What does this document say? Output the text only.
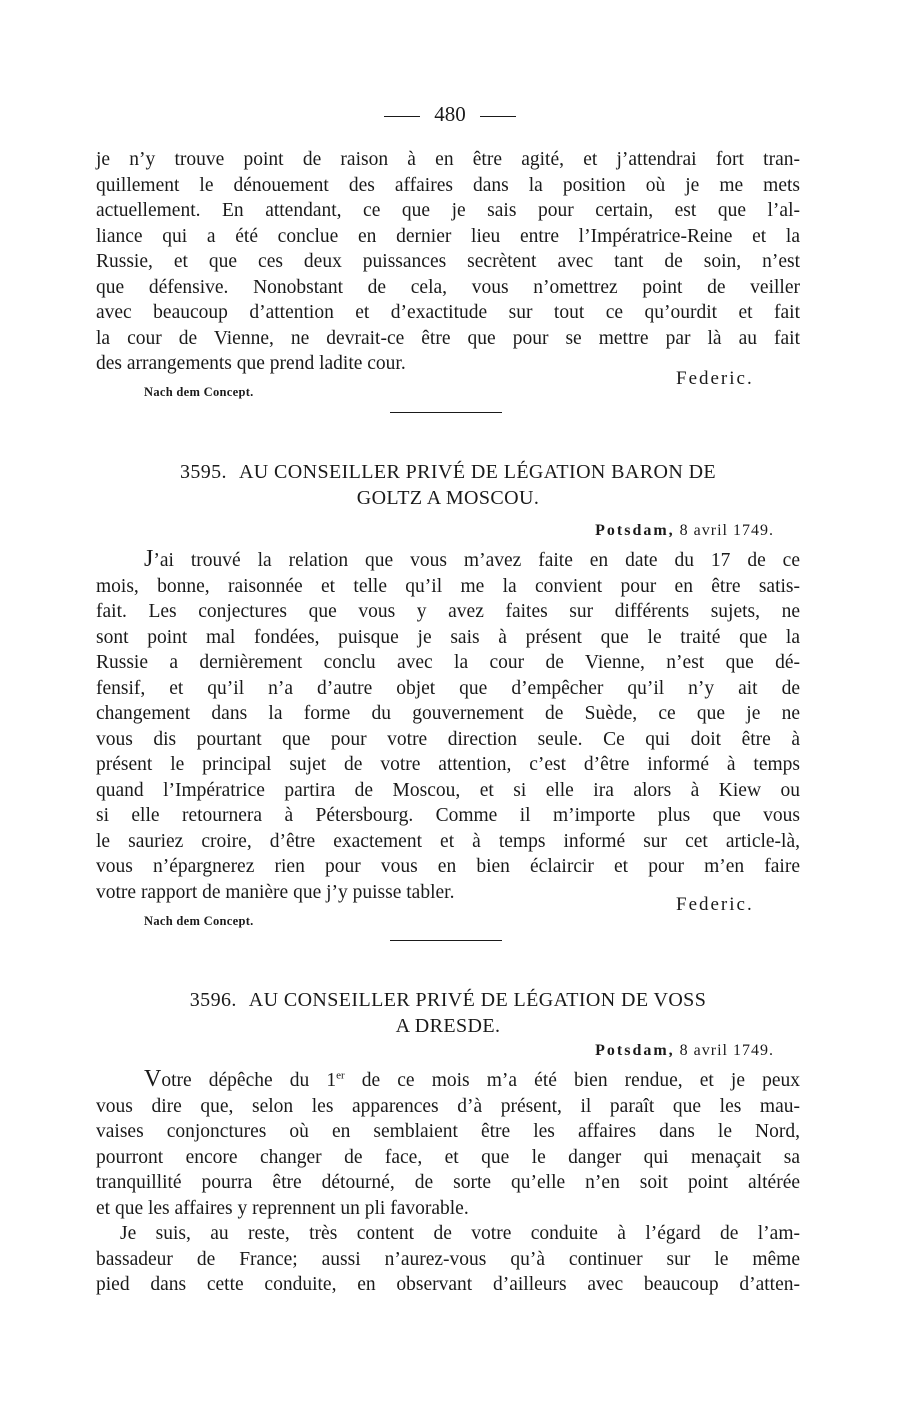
480

je n’y trouve point de raison à en être agité, et j’attendrai fort tran-
quillement le dénouement des affaires dans la position où je me mets
actuellement. En attendant, ce que je sais pour certain, est que l’al-
liance qui a été conclue en dernier lieu entre l’Impératrice-Reine et la
Russie, et que ces deux puissances secrètent avec tant de soin, n’est
que défensive. Nonobstant de cela, vous n’omettrez point de veiller
avec beaucoup d’attention et d’exactitude sur tout ce qu’ourdit et fait
la cour de Vienne, ne devrait-ce être que pour se mettre par là au fait
des arrangements que prend ladite cour.

Federic.
Nach dem Concept.
3595. AU CONSEILLER PRIVÉ DE LÉGATION BARON DE
GOLTZ A MOSCOU.
Potsdam, 8 avril 1749.

J’ai trouvé la relation que vous m’avez faite en date du 17 de ce
mois, bonne, raisonnée et telle qu’il me la convient pour en être satis-
fait. Les conjectures que vous y avez faites sur différents sujets, ne
sont point mal fondées, puisque je sais à présent que le traité que la
Russie a dernièrement conclu avec la cour de Vienne, n’est que dé-
fensif, et qu’il n’a d’autre objet que d’empêcher qu’il n’y ait de
changement dans la forme du gouvernement de Suède, ce que je ne
vous dis pourtant que pour votre direction seule. Ce qui doit être à
présent le principal sujet de votre attention, c’est d’être informé à temps
quand l’Impératrice partira de Moscou, et si elle ira alors à Kiew ou
si elle retournera à Pétersbourg. Comme il m’importe plus que vous
le sauriez croire, d’être exactement et à temps informé sur cet article-là,
vous n’épargnerez rien pour vous en bien éclaircir et pour m’en faire
votre rapport de manière que j’y puisse tabler.

Federic.
Nach dem Concept.
3596. AU CONSEILLER PRIVÉ DE LÉGATION DE VOSS
A DRESDE.
Potsdam, 8 avril 1749.

Votre dépêche du 1er de ce mois m’a été bien rendue, et je peux
vous dire que, selon les apparences d’à présent, il paraît que les mau-
vaises conjonctures où en semblaient être les affaires dans le Nord,
pourront encore changer de face, et que le danger qui menaçait sa
tranquillité pourra être détourné, de sorte qu’elle n’en soit point altérée
et que les affaires y reprennent un pli favorable.

Je suis, au reste, très content de votre conduite à l’égard de l’am-
bassadeur de France; aussi n’aurez-vous qu’à continuer sur le même
pied dans cette conduite, en observant d’ailleurs avec beaucoup d’atten-
